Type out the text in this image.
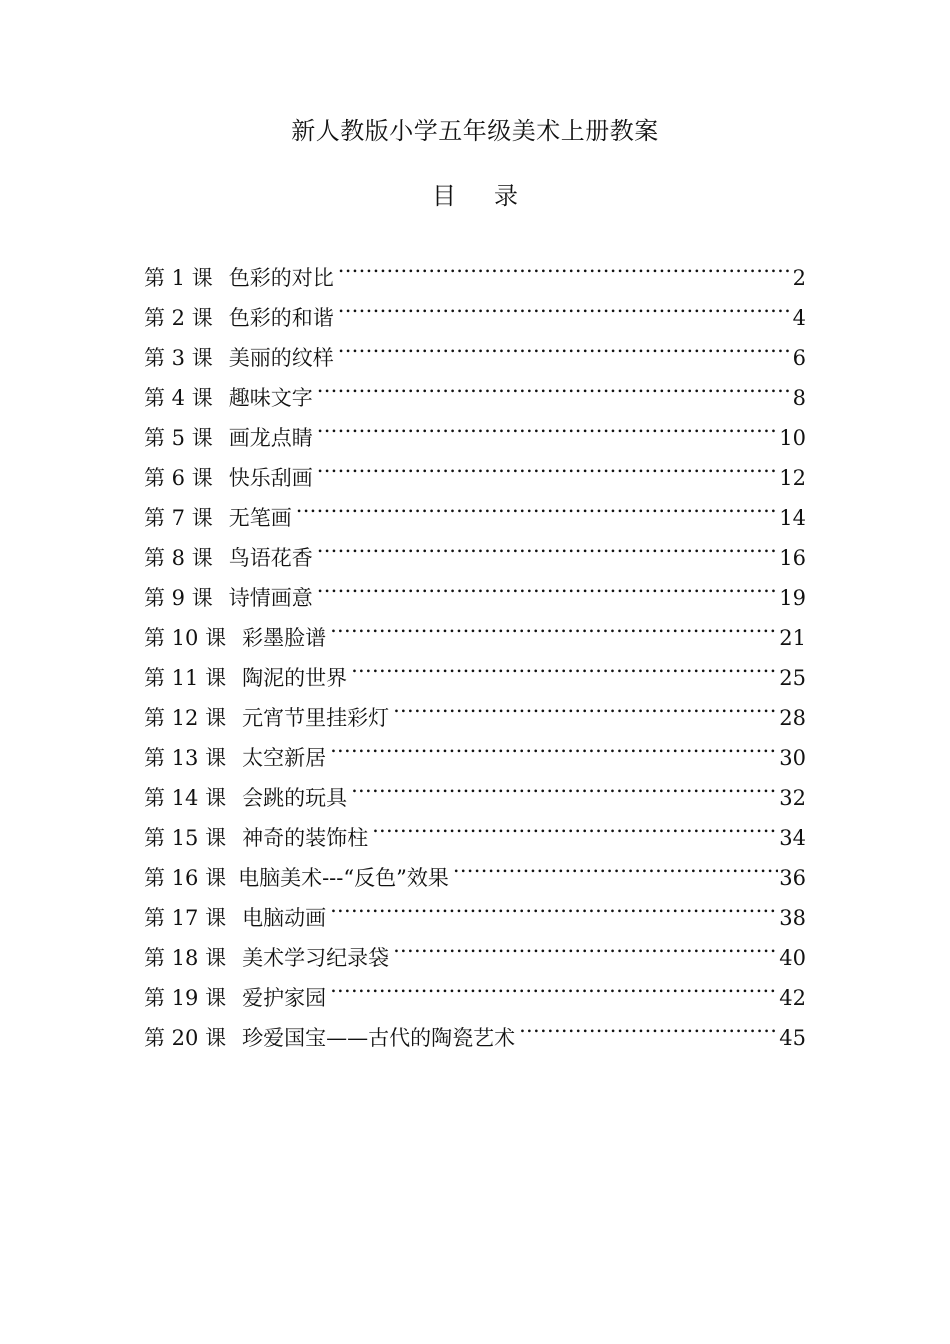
新人教版小学五年级美术上册教案
目 录
第 1 课 色彩的对比 .....	2
第 2 课 色彩的和谐 .....	4
第 3 课 美丽的纹样 .....	6
第 4 课 趣味文字 .....	8
第 5 课 画龙点睛 .....	10
第 6 课 快乐刮画 .....	12
第 7 课 无笔画 .....	14
第 8 课 鸟语花香 .....	16
第 9 课 诗情画意 .....	19
第 10 课 彩墨脸谱 .....	21
第 11 课 陶泥的世界 .....	25
第 12 课 元宵节里挂彩灯 .....	28
第 13 课 太空新居 .....	30
第 14 课 会跳的玩具 .....	32
第 15 课 神奇的装饰柱 .....	34
第 16 课 电脑美术---“反色”效果 .....	36
第 17 课 电脑动画 .....	38
第 18 课 美术学习纪录袋 .....	40
第 19 课 爱护家园 .....	42
第 20 课 珍爱国宝——古代的陶瓷艺术 .....	45
